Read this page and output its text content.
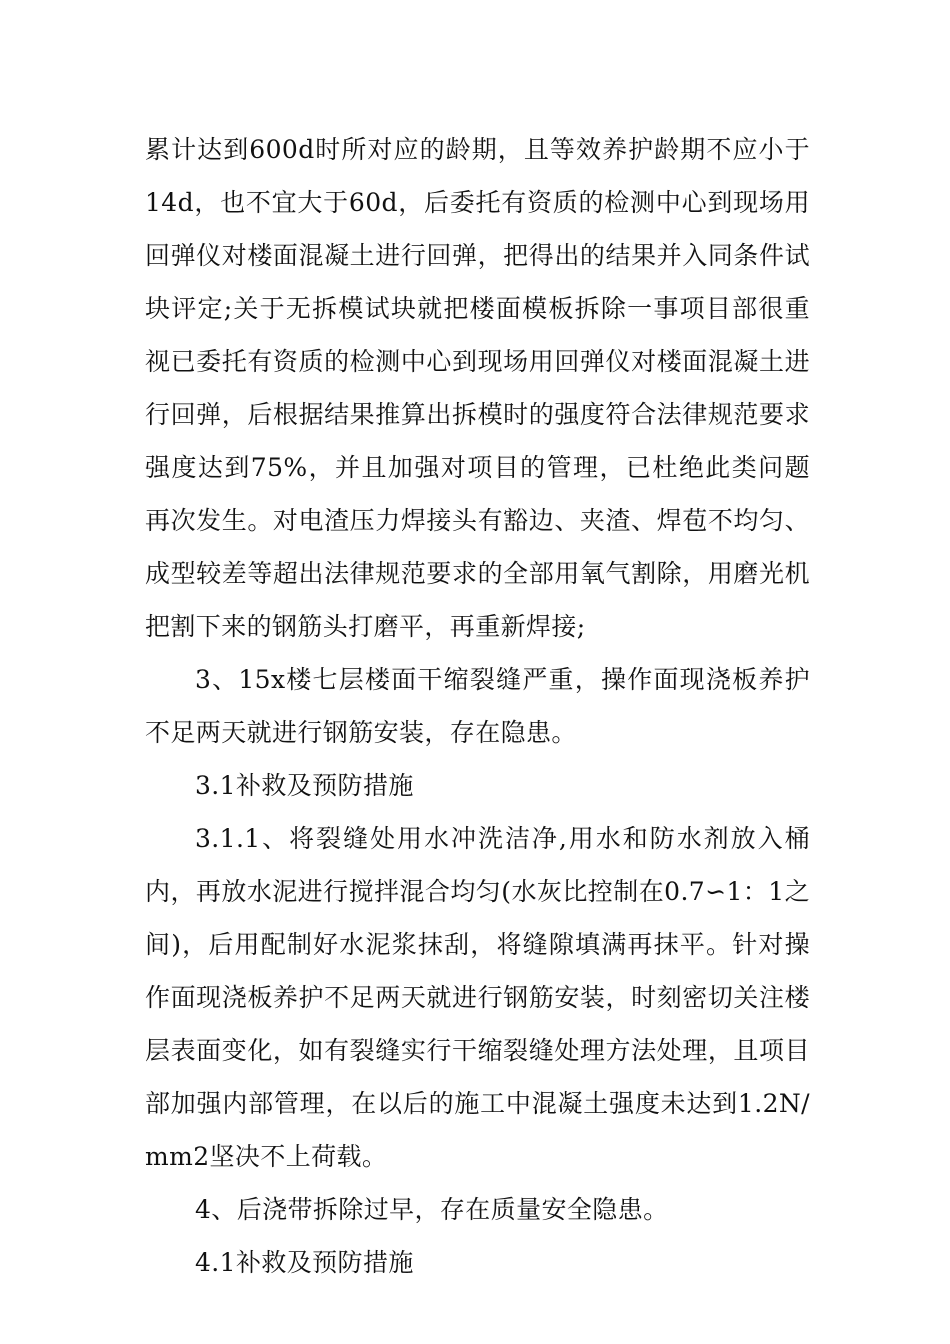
累计达到600d时所对应的龄期，且等效养护龄期不应小于14d，也不宜大于60d，后委托有资质的检测中心到现场用回弹仪对楼面混凝土进行回弹，把得出的结果并入同条件试块评定;关于无拆模试块就把楼面模板拆除一事项目部很重视已委托有资质的检测中心到现场用回弹仪对楼面混凝土进行回弹，后根据结果推算出拆模时的强度符合法律规范要求强度达到75%，并且加强对项目的管理，已杜绝此类问题再次发生。对电渣压力焊接头有豁边、夹渣、焊苞不均匀、成型较差等超出法律规范要求的全部用氧气割除，用磨光机把割下来的钢筋头打磨平，再重新焊接;

3、15x楼七层楼面干缩裂缝严重，操作面现浇板养护不足两天就进行钢筋安装，存在隐患。

3.1补救及预防措施

3.1.1、将裂缝处用水冲洗洁净,用水和防水剂放入桶内，再放水泥进行搅拌混合均匀(水灰比控制在0.7∽1：1之间)，后用配制好水泥浆抹刮，将缝隙填满再抹平。针对操作面现浇板养护不足两天就进行钢筋安装，时刻密切关注楼层表面变化，如有裂缝实行干缩裂缝处理方法处理，且项目部加强内部管理，在以后的施工中混凝土强度未达到1.2N/mm2坚决不上荷载。

4、后浇带拆除过早，存在质量安全隐患。

4.1补救及预防措施
